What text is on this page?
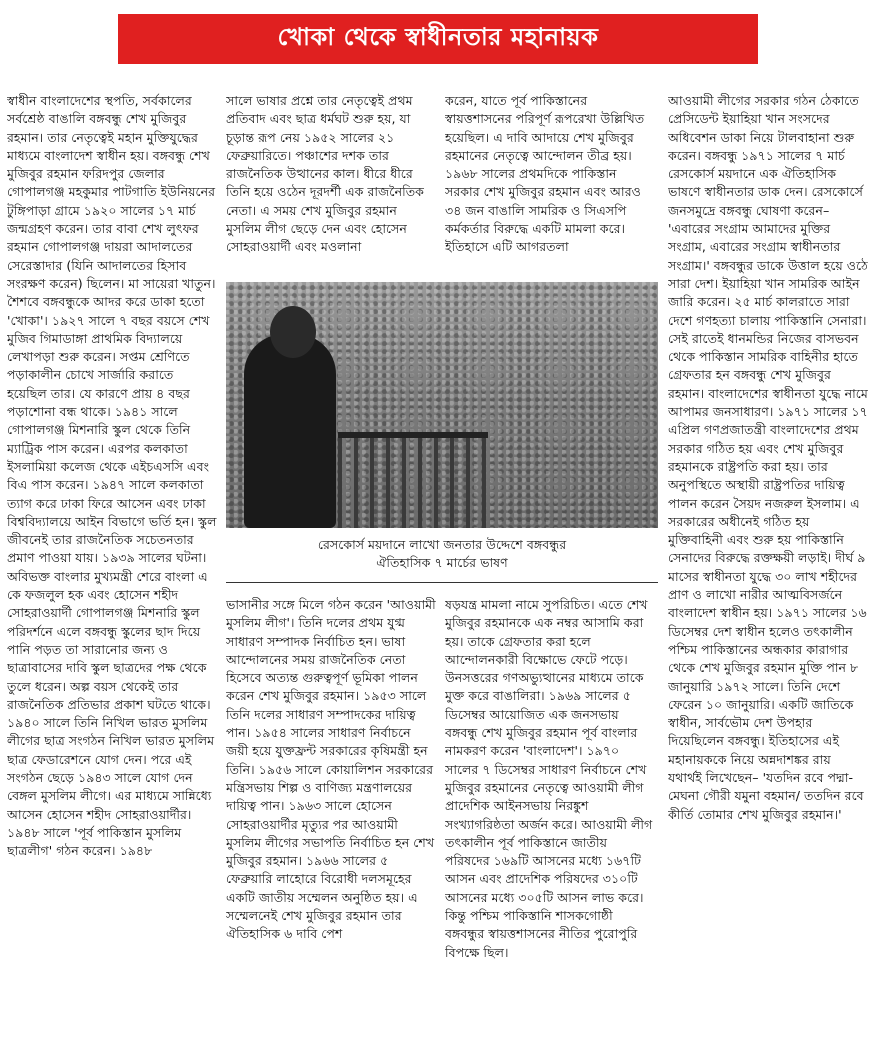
খোকা থেকে স্বাধীনতার মহানায়ক

স্বাধীন বাংলাদেশের স্থপতি, সর্বকালের সর্বশ্রেষ্ঠ বাঙালি বঙ্গবন্ধু শেখ মুজিবুর রহমান। তার নেতৃত্বেই মহান মুক্তিযুদ্ধের মাধ্যমে বাংলাদেশ স্বাধীন হয়। বঙ্গবন্ধু শেখ মুজিবুর রহমান ফরিদপুর জেলার গোপালগঞ্জ মহকুমার পাটগাতি ইউনিয়নের টুঙ্গিপাড়া গ্রামে ১৯২০ সালের ১৭ মার্চ জন্মগ্রহণ করেন। তার বাবা শেখ লুৎফর রহমান গোপালগঞ্জ দায়রা আদালতের সেরেস্তাদার (যিনি আদালতের হিসাব সংরক্ষণ করেন) ছিলেন। মা সায়েরা খাতুন। শৈশবে বঙ্গবন্ধুকে আদর করে ডাকা হতো 'খোকা'। ১৯২৭ সালে ৭ বছর বয়সে শেখ মুজিব গিমাডাঙ্গা প্রাথমিক বিদ্যালয়ে লেখাপড়া শুরু করেন। সপ্তম শ্রেণিতে পড়াকালীন চোখে সার্জারি করাতে হয়েছিল তার। যে কারণে প্রায় ৪ বছর পড়াশোনা বন্ধ থাকে। ১৯৪১ সালে গোপালগঞ্জ মিশনারি স্কুল থেকে তিনি ম্যাট্রিক পাস করেন। এরপর কলকাতা ইসলামিয়া কলেজ থেকে এইচএসসি এবং বিএ পাস করেন। ১৯৪৭ সালে কলকাতা ত্যাগ করে ঢাকা ফিরে আসেন এবং ঢাকা বিশ্ববিদ্যালয়ে আইন বিভাগে ভর্তি হন। স্কুল জীবনেই তার রাজনৈতিক সচেতনতার প্রমাণ পাওয়া যায়। ১৯৩৯ সালের ঘটনা। অবিভক্ত বাংলার মুখ্যমন্ত্রী শেরে বাংলা এ কে ফজলুল হক এবং হোসেন শহীদ সোহরাওয়ার্দী গোপালগঞ্জ মিশনারি স্কুল পরিদর্শনে এলে বঙ্গবন্ধু স্কুলের ছাদ দিয়ে পানি পড়ত তা সারানোর জন্য ও ছাত্রাবাসের দাবি স্কুল ছাত্রদের পক্ষ থেকে তুলে ধরেন। অল্প বয়স থেকেই তার রাজনৈতিক প্রতিভার প্রকাশ ঘটতে থাকে। ১৯৪০ সালে তিনি নিখিল ভারত মুসলিম লীগের ছাত্র সংগঠন নিখিল ভারত মুসলিম ছাত্র ফেডারেশনে যোগ দেন। পরে এই সংগঠন ছেড়ে ১৯৪৩ সালে যোগ দেন বেঙ্গল মুসলিম লীগে। এর মাধ্যমে সান্নিধ্যে আসেন হোসেন শহীদ সোহরাওয়ার্দীর। ১৯৪৮ সালে 'পূর্ব পাকিস্তান মুসলিম ছাত্রলীগ' গঠন করেন। ১৯৪৮

সালে ভাষার প্রশ্নে তার নেতৃত্বেই প্রথম প্রতিবাদ এবং ছাত্র ধর্মঘট শুরু হয়, যা চূড়ান্ত রূপ নেয় ১৯৫২ সালের ২১ ফেব্রুয়ারিতে। পঞ্চাশের দশক তার রাজনৈতিক উত্থানের কাল। ধীরে ধীরে তিনি হয়ে ওঠেন দূরদর্শী এক রাজনৈতিক নেতা। এ সময় শেখ মুজিবুর রহমান মুসলিম লীগ ছেড়ে দেন এবং হোসেন সোহরাওয়ার্দী এবং মওলানা

করেন, যাতে পূর্ব পাকিস্তানের স্বায়ত্তশাসনের পরিপূর্ণ রূপরেখা উল্লিখিত হয়েছিল। এ দাবি আদায়ে শেখ মুজিবুর রহমানের নেতৃত্বে আন্দোলন তীব্র হয়। ১৯৬৮ সালের প্রথমদিকে পাকিস্তান সরকার শেখ মুজিবুর রহমান এবং আরও ৩৪ জন বাঙালি সামরিক ও সিএসপি কর্মকর্তার বিরুদ্ধে একটি মামলা করে। ইতিহাসে এটি আগরতলা

রেসকোর্স ময়দানে লাখো জনতার উদ্দেশে বঙ্গবন্ধুর
ঐতিহাসিক ৭ মার্চের ভাষণ

ভাসানীর সঙ্গে মিলে গঠন করেন 'আওয়ামী মুসলিম লীগ'। তিনি দলের প্রথম যুগ্ম সাধারণ সম্পাদক নির্বাচিত হন। ভাষা আন্দোলনের সময় রাজনৈতিক নেতা হিসেবে অত্যন্ত গুরুত্বপূর্ণ ভূমিকা পালন করেন শেখ মুজিবুর রহমান। ১৯৫৩ সালে তিনি দলের সাধারণ সম্পাদকের দায়িত্ব পান। ১৯৫৪ সালের সাধারণ নির্বাচনে জয়ী হয়ে যুক্তফ্রন্ট সরকারের কৃষিমন্ত্রী হন তিনি। ১৯৫৬ সালে কোয়ালিশন সরকারের মন্ত্রিসভায় শিল্প ও বাণিজ্য মন্ত্রণালয়ের দায়িত্ব পান। ১৯৬৩ সালে হোসেন সোহরাওয়ার্দীর মৃত্যুর পর আওয়ামী মুসলিম লীগের সভাপতি নির্বাচিত হন শেখ মুজিবুর রহমান। ১৯৬৬ সালের ৫ ফেব্রুয়ারি লাহোরে বিরোধী দলসমূহের একটি জাতীয় সম্মেলন অনুষ্ঠিত হয়। এ সম্মেলনেই শেখ মুজিবুর রহমান তার ঐতিহাসিক ৬ দাবি পেশ

ষড়যন্ত্র মামলা নামে সুপরিচিত। এতে শেখ মুজিবুর রহমানকে এক নম্বর আসামি করা হয়। তাকে গ্রেফতার করা হলে আন্দোলনকারী বিক্ষোভে ফেটে পড়ে। উনসত্তরের গণঅভ্যুত্থানের মাধ্যমে তাকে মুক্ত করে বাঙালিরা। ১৯৬৯ সালের ৫ ডিসেম্বর আয়োজিত এক জনসভায় বঙ্গবন্ধু শেখ মুজিবুর রহমান পূর্ব বাংলার নামকরণ করেন 'বাংলাদেশ'। ১৯৭০ সালের ৭ ডিসেম্বর সাধারণ নির্বাচনে শেখ মুজিবুর রহমানের নেতৃত্বে আওয়ামী লীগ প্রাদেশিক আইনসভায় নিরঙ্কুশ সংখ্যাগরিষ্ঠতা অর্জন করে। আওয়ামী লীগ তৎকালীন পূর্ব পাকিস্তানে জাতীয় পরিষদের ১৬৯টি আসনের মধ্যে ১৬৭টি আসন এবং প্রাদেশিক পরিষদের ৩১০টি আসনের মধ্যে ৩০৫টি আসন লাভ করে। কিন্তু পশ্চিম পাকিস্তানি শাসকগোষ্ঠী বঙ্গবন্ধুর স্বায়ত্তশাসনের নীতির পুরোপুরি বিপক্ষে ছিল।

আওয়ামী লীগের সরকার গঠন ঠেকাতে প্রেসিডেন্ট ইয়াহিয়া খান সংসদের অধিবেশন ডাকা নিয়ে টালবাহানা শুরু করেন। বঙ্গবন্ধু ১৯৭১ সালের ৭ মার্চ রেসকোর্স ময়দানে এক ঐতিহাসিক ভাষণে স্বাধীনতার ডাক দেন। রেসকোর্সে জনসমুদ্রে বঙ্গবন্ধু ঘোষণা করেন– 'এবারের সংগ্রাম আমাদের মুক্তির সংগ্রাম, এবারের সংগ্রাম স্বাধীনতার সংগ্রাম।' বঙ্গবন্ধুর ডাকে উত্তাল হয়ে ওঠে সারা দেশ। ইয়াহিয়া খান সামরিক আইন জারি করেন। ২৫ মার্চ কালরাতে সারা দেশে গণহত্যা চালায় পাকিস্তানি সেনারা। সেই রাতেই ধানমন্ডির নিজের বাসভবন থেকে পাকিস্তান সামরিক বাহিনীর হাতে গ্রেফতার হন বঙ্গবন্ধু শেখ মুজিবুর রহমান। বাংলাদেশের স্বাধীনতা যুদ্ধে নামে আপামর জনসাধারণ। ১৯৭১ সালের ১৭ এপ্রিল গণপ্রজাতন্ত্রী বাংলাদেশের প্রথম সরকার গঠিত হয় এবং শেখ মুজিবুর রহমানকে রাষ্ট্রপতি করা হয়। তার অনুপস্থিতে অস্থায়ী রাষ্ট্রপতির দায়িত্ব পালন করেন সৈয়দ নজরুল ইসলাম। এ সরকারের অধীনেই গঠিত হয় মুক্তিবাহিনী এবং শুরু হয় পাকিস্তানি সেনাদের বিরুদ্ধে রক্তক্ষয়ী লড়াই। দীর্ঘ ৯ মাসের স্বাধীনতা যুদ্ধে ৩০ লাখ শহীদের প্রাণ ও লাখো নারীর আত্মবিসর্জনে বাংলাদেশ স্বাধীন হয়। ১৯৭১ সালের ১৬ ডিসেম্বর দেশ স্বাধীন হলেও তৎকালীন পশ্চিম পাকিস্তানের অন্ধকার কারাগার থেকে শেখ মুজিবুর রহমান মুক্তি পান ৮ জানুয়ারি ১৯৭২ সালে। তিনি দেশে ফেরেন ১০ জানুয়ারি। একটি জাতিকে স্বাধীন, সার্বভৌম দেশ উপহার দিয়েছিলেন বঙ্গবন্ধু। ইতিহাসের এই মহানায়ককে নিয়ে অন্নদাশঙ্কর রায় যথার্থই লিখেছেন– 'যতদিন রবে পদ্মা-মেঘনা গৌরী যমুনা বহমান/ ততদিন রবে কীর্তি তোমার শেখ মুজিবুর রহমান।'
